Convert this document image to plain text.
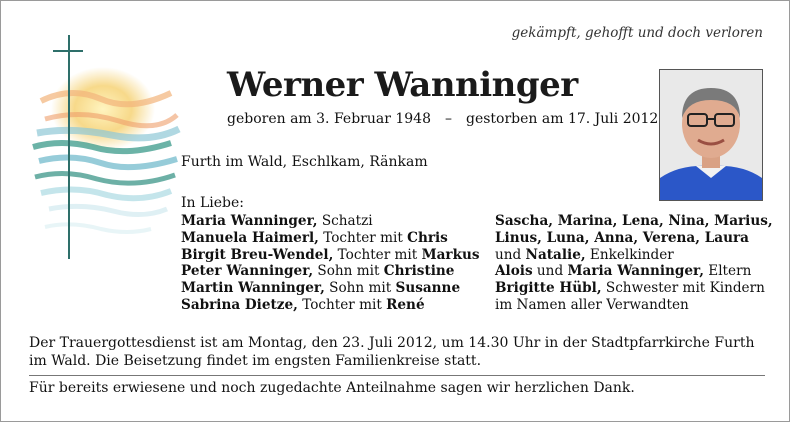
gekämpft, gehofft und doch verloren
Werner Wanninger
geboren am 3. Februar 1948 – gestorben am 17. Juli 2012
Furth im Wald, Eschlkam, Ränkam
In Liebe:
Maria Wanninger, Schatzi
Manuela Haimerl, Tochter mit Chris
Birgit Breu-Wendel, Tochter mit Markus
Peter Wanninger, Sohn mit Christine
Martin Wanninger, Sohn mit Susanne
Sabrina Dietze, Tochter mit René
Sascha, Marina, Lena, Nina, Marius,
Linus, Luna, Anna, Verena, Laura
und Natalie, Enkelkinder
Alois und Maria Wanninger, Eltern
Brigitte Hübl, Schwester mit Kindern
im Namen aller Verwandten
Der Trauergottesdienst ist am Montag, den 23. Juli 2012, um 14.30 Uhr in der Stadtpfarrkirche Furth im Wald. Die Beisetzung findet im engsten Familienkreise statt.
Für bereits erwiesene und noch zugedachte Anteilnahme sagen wir herzlichen Dank.
